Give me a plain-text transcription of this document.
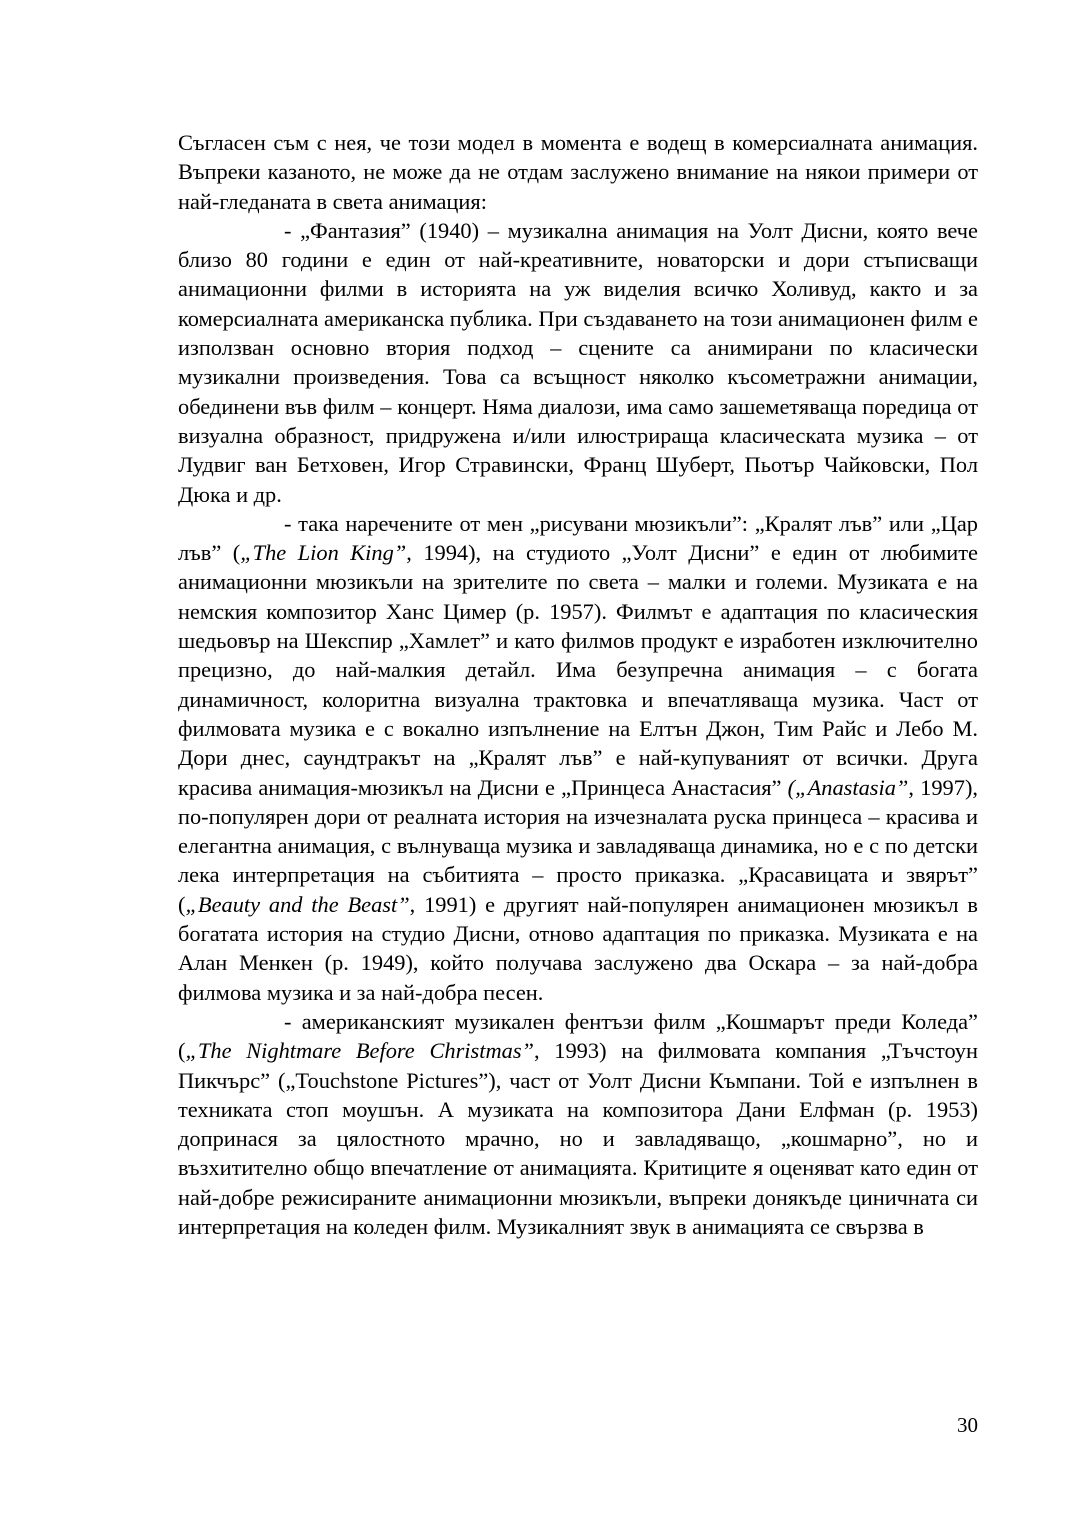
Съгласен съм с нея, че този модел в момента е водещ в комерсиалната анимация. Въпреки казаното, не може да не отдам заслужено внимание на някои примери от най-гледаната в света анимация:

- „Фантазия” (1940) – музикална анимация на Уолт Дисни, която вече близо 80 години е един от най-креативните, новаторски и дори стъписващи анимационни филми в историята на уж виделия всичко Холивуд, както и за комерсиалната американска публика. При създаването на този анимационен филм е използван основно втория подход – сцените са анимирани по класически музикални произведения. Това са всъщност няколко късометражни анимации, обединени във филм – концерт. Няма диалози, има само зашеметяваща поредица от визуална образност, придружена и/или илюстрираща класическата музика – от Лудвиг ван Бетховен, Игор Стравински, Франц Шуберт, Пьотър Чайковски, Пол Дюка и др.

- така наречените от мен „рисувани мюзикъли”: „Кралят лъв” или „Цар лъв” („The Lion King”, 1994), на студиото „Уолт Дисни” е един от любимите анимационни мюзикъли на зрителите по света – малки и големи. Музиката е на немския композитор Ханс Цимер (р. 1957). Филмът е адаптация по класическия шедьовър на Шекспир „Хамлет” и като филмов продукт е изработен изключително прецизно, до най-малкия детайл. Има безупречна анимация – с богата динамичност, колоритна визуална трактовка и впечатляваща музика. Част от филмовата музика е с вокално изпълнение на Елтън Джон, Тим Райс и Лебо М. Дори днес, саундтракът на „Кралят лъв” е най-купуваният от всички. Друга красива анимация-мюзикъл на Дисни е „Принцеса Анастасия” („Anastasia”, 1997), по-популярен дори от реалната история на изчезналата руска принцеса – красива и елегантна анимация, с вълнуваща музика и завладяваща динамика, но е с по детски лека интерпретация на събитията – просто приказка. „Красавицата и звярът” („Beauty and the Beast”, 1991) е другият най-популярен анимационен мюзикъл в богатата история на студио Дисни, отново адаптация по приказка. Музиката е на Алан Менкен (р. 1949), който получава заслужено два Оскара – за най-добра филмова музика и за най-добра песен.

- американският музикален фентъзи филм „Кошмарът преди Коледа” („The Nightmare Before Christmas”, 1993) на филмовата компания „Тъчстоун Пикчърс” („Touchstone Pictures”), част от Уолт Дисни Къмпани. Той е изпълнен в техниката стоп моушън. А музиката на композитора Дани Елфман (р. 1953) допринася за цялостното мрачно, но и завладяващо, „кошмарно”, но и възхитително общо впечатление от анимацията. Критиците я оценяват като един от най-добре режисираните анимационни мюзикъли, въпреки донякъде циничната си интерпретация на коледен филм. Музикалният звук в анимацията се свързва в

30
